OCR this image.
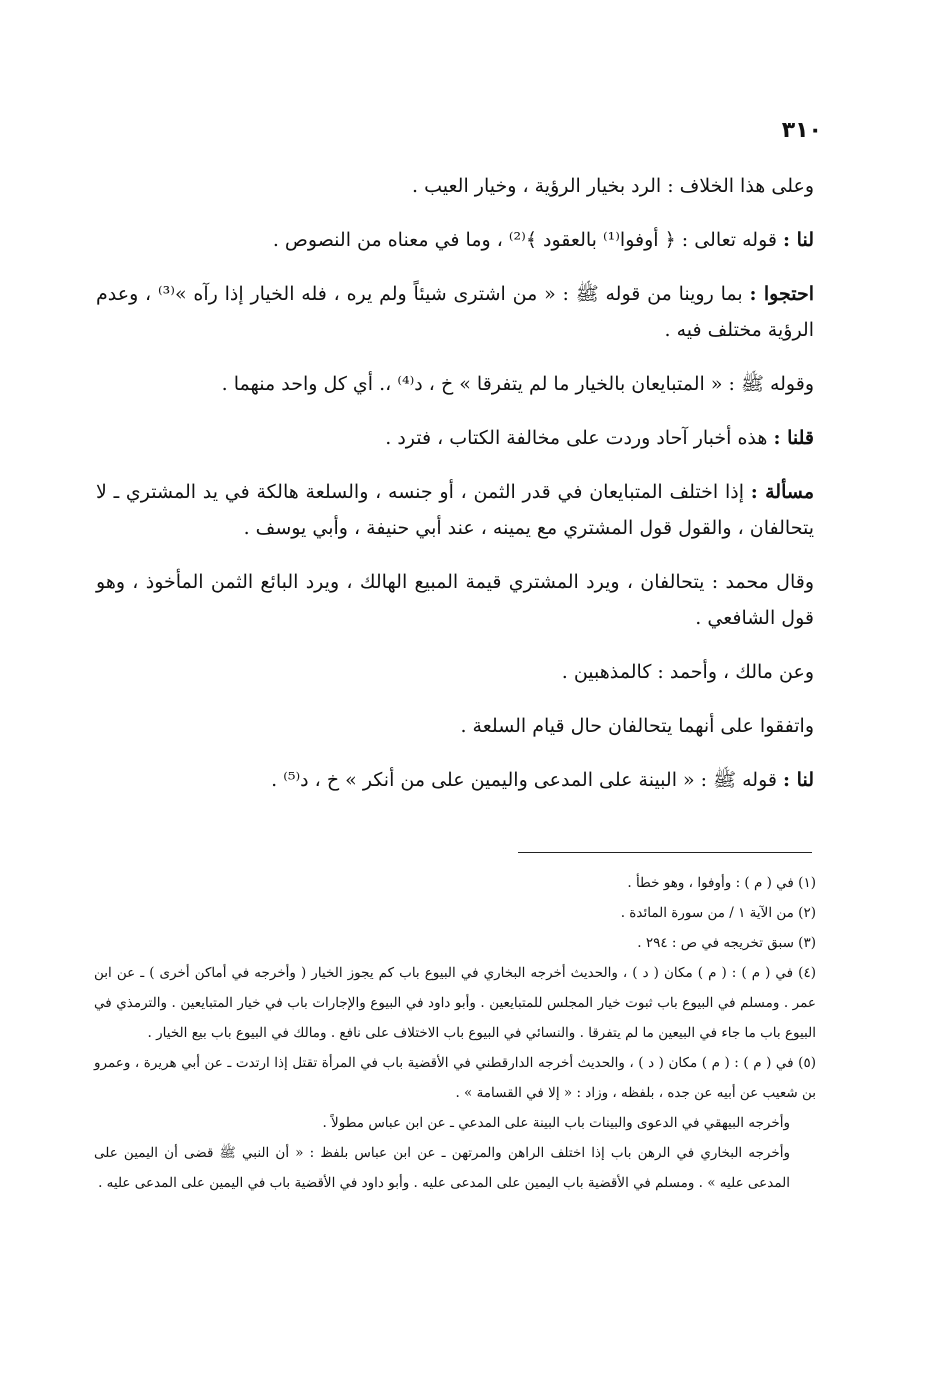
٣١٠

وعلى هذا الخلاف : الرد بخيار الرؤية ، وخيار العيب .

لنا : قوله تعالى : ﴿ أوفوا⁽¹⁾ بالعقود ﴾⁽²⁾ ، وما في معناه من النصوص .

احتجوا : بما روينا من قوله ﷺ : « من اشترى شيئاً ولم يره ، فله الخيار إذا رآه »⁽³⁾ ، وعدم الرؤية مختلف فيه .

وقوله ﷺ : « المتبايعان بالخيار ما لم يتفرقا » خ ، د⁽⁴⁾ ،. أي كل واحد منهما .

قلنا : هذه أخبار آحاد وردت على مخالفة الكتاب ، فترد .

مسألة : إذا اختلف المتبايعان في قدر الثمن ، أو جنسه ، والسلعة هالكة في يد المشتري ـ لا يتحالفان ، والقول قول المشتري مع يمينه ، عند أبي حنيفة ، وأبي يوسف .

وقال محمد : يتحالفان ، ويرد المشتري قيمة المبيع الهالك ، ويرد البائع الثمن المأخوذ ، وهو قول الشافعي .

وعن مالك ، وأحمد : كالمذهبين .

واتفقوا على أنهما يتحالفان حال قيام السلعة .

لنا : قوله ﷺ : « البينة على المدعى واليمين على من أنكر » خ ، د⁽⁵⁾ .

(١) في ( م ) : وأوفوا ، وهو خطأ .

(٢) من الآية ١ / من سورة المائدة .

(٣) سبق تخريجه في ص : ٢٩٤ .

(٤) في ( م ) : ( م ) مكان ( د ) ، والحديث أخرجه البخاري في البيوع باب كم يجوز الخيار ( وأخرجه في أماكن أخرى ) ـ عن ابن عمر . ومسلم في البيوع باب ثبوت خيار المجلس للمتبايعين . وأبو داود في البيوع والإجارات باب في خيار المتبايعين . والترمذي في البيوع باب ما جاء في البيعين ما لم يتفرقا . والنسائي في البيوع باب الاختلاف على نافع . ومالك في البيوع باب بيع الخيار .

(٥) في ( م ) : ( م ) مكان ( د ) ، والحديث أخرجه الدارقطني في الأقضية باب في المرأة تقتل إذا ارتدت ـ عن أبي هريرة ، وعمرو بن شعيب عن أبيه عن جده ، بلفظه ، وزاد : « إلا في القسامة » .

وأخرجه البيهقي في الدعوى والبينات باب البينة على المدعي ـ عن ابن عباس مطولاً .

وأخرجه البخاري في الرهن باب إذا اختلف الراهن والمرتهن ـ عن ابن عباس بلفظ : « أن النبي ﷺ قضى أن اليمين على المدعى عليه » . ومسلم في الأقضية باب اليمين على المدعى عليه . وأبو داود في الأقضية باب في اليمين على المدعى عليه .
